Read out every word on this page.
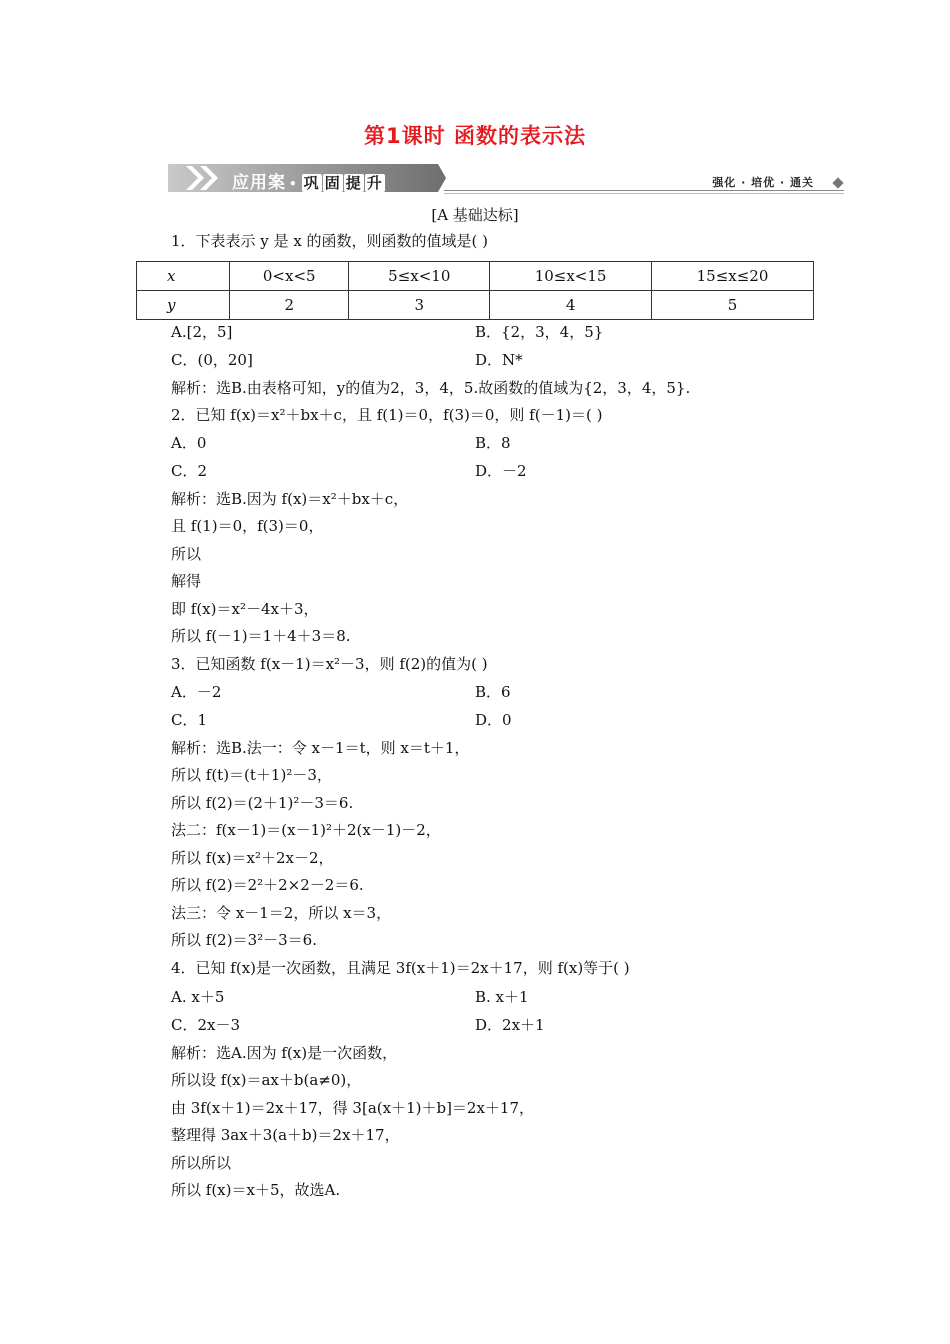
第1课时 函数的表示法
应用案 • 巩 固 提 升	强化 · 培优 · 通关
[A 基础达标]
1．下表表示 y 是 x 的函数，则函数的值域是( )
x	0<x<5	5≤x<10	10≤x<15	15≤x≤20
y	2	3	4	5
A.[2，5]	B．{2，3，4，5}
C．(0，20]	D．N*
解析：选B.由表格可知，y的值为2，3，4，5.故函数的值域为{2，3，4，5}.
2．已知 f(x)＝x²＋bx＋c，且 f(1)＝0，f(3)＝0，则 f(－1)＝( )
A．0	B．8
C．2	D．－2
解析：选B.因为 f(x)＝x²＋bx＋c，
且 f(1)＝0，f(3)＝0，
所以
解得
即 f(x)＝x²－4x＋3，
所以 f(－1)＝1＋4＋3＝8.
3．已知函数 f(x－1)＝x²－3，则 f(2)的值为( )
A．－2	B．6
C．1	D．0
解析：选B.法一：令 x－1＝t，则 x＝t＋1，
所以 f(t)＝(t＋1)²－3，
所以 f(2)＝(2＋1)²－3＝6.
法二：f(x－1)＝(x－1)²＋2(x－1)－2，
所以 f(x)＝x²＋2x－2，
所以 f(2)＝2²＋2×2－2＝6.
法三：令 x－1＝2，所以 x＝3，
所以 f(2)＝3²－3＝6.
4．已知 f(x)是一次函数，且满足 3f(x＋1)＝2x＋17，则 f(x)等于( )
A. x＋5	B. x＋1
C．2x－3	D．2x＋1
解析：选A.因为 f(x)是一次函数，
所以设 f(x)＝ax＋b(a≠0)，
由 3f(x＋1)＝2x＋17，得 3[a(x＋1)＋b]＝2x＋17，
整理得 3ax＋3(a＋b)＝2x＋17，
所以所以
所以 f(x)＝x＋5，故选A.
